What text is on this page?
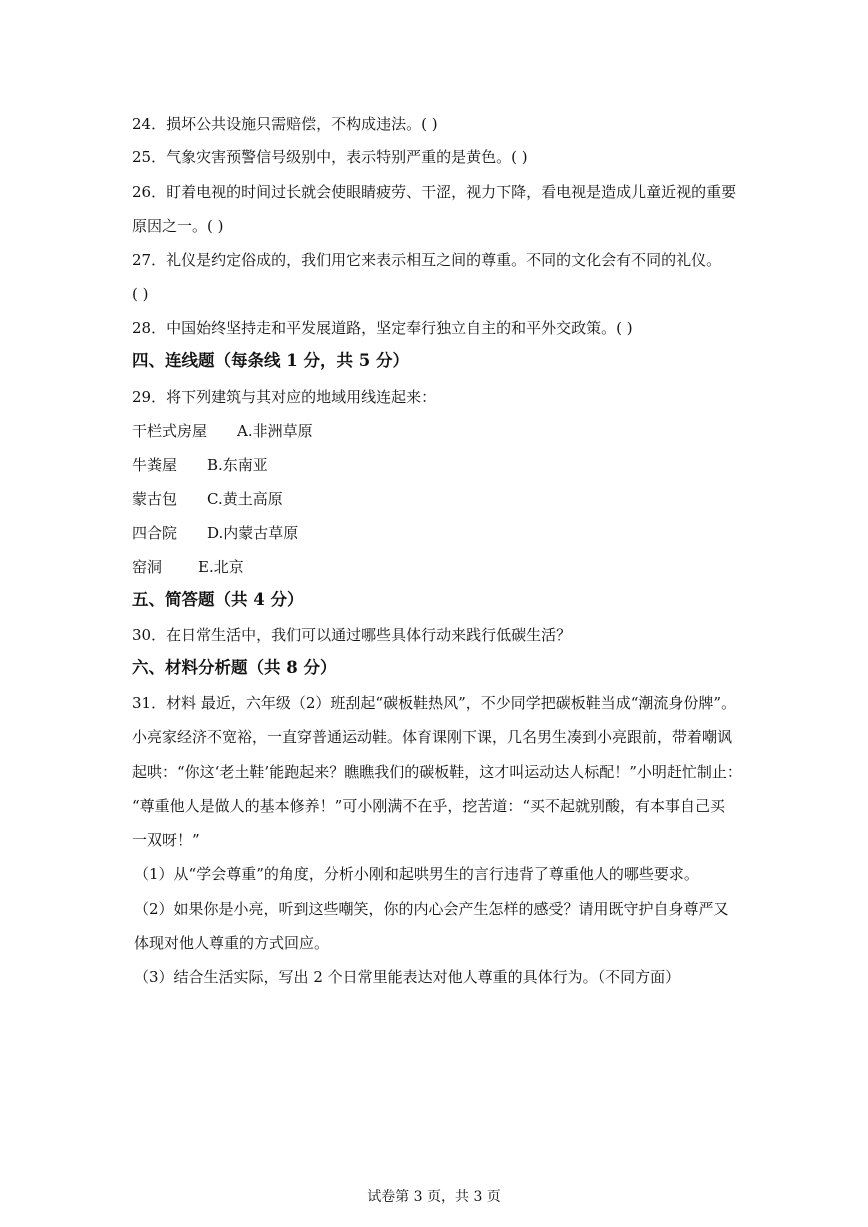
24．损坏公共设施只需赔偿，不构成违法。( )
25．气象灾害预警信号级别中，表示特别严重的是黄色。( )
26．盯着电视的时间过长就会使眼睛疲劳、干涩，视力下降，看电视是造成儿童近视的重要
原因之一。( )
27．礼仪是约定俗成的，我们用它来表示相互之间的尊重。不同的文化会有不同的礼仪。
( )
28．中国始终坚持走和平发展道路，坚定奉行独立自主的和平外交政策。( )
四、连线题（每条线 1 分，共 5 分）
29．将下列建筑与其对应的地域用线连起来：
干栏式房屋 A.非洲草原
牛粪屋 B.东南亚
蒙古包 C.黄土高原
四合院 D.内蒙古草原
窑洞 E.北京
五、简答题（共 4 分）
30．在日常生活中，我们可以通过哪些具体行动来践行低碳生活？
六、材料分析题（共 8 分）
31．材料 最近，六年级（2）班刮起“碳板鞋热风”，不少同学把碳板鞋当成“潮流身份牌”。
小亮家经济不宽裕，一直穿普通运动鞋。体育课刚下课，几名男生凑到小亮跟前，带着嘲讽
起哄：“你这‘老土鞋’能跑起来？瞧瞧我们的碳板鞋，这才叫运动达人标配！”小明赶忙制止：
“尊重他人是做人的基本修养！”可小刚满不在乎，挖苦道：“买不起就别酸，有本事自己买
一双呀！”
（1）从“学会尊重”的角度，分析小刚和起哄男生的言行违背了尊重他人的哪些要求。
（2）如果你是小亮，听到这些嘲笑，你的内心会产生怎样的感受？请用既守护自身尊严又
体现对他人尊重的方式回应。
（3）结合生活实际，写出 2 个日常里能表达对他人尊重的具体行为。（不同方面）
试卷第 3 页，共 3 页
